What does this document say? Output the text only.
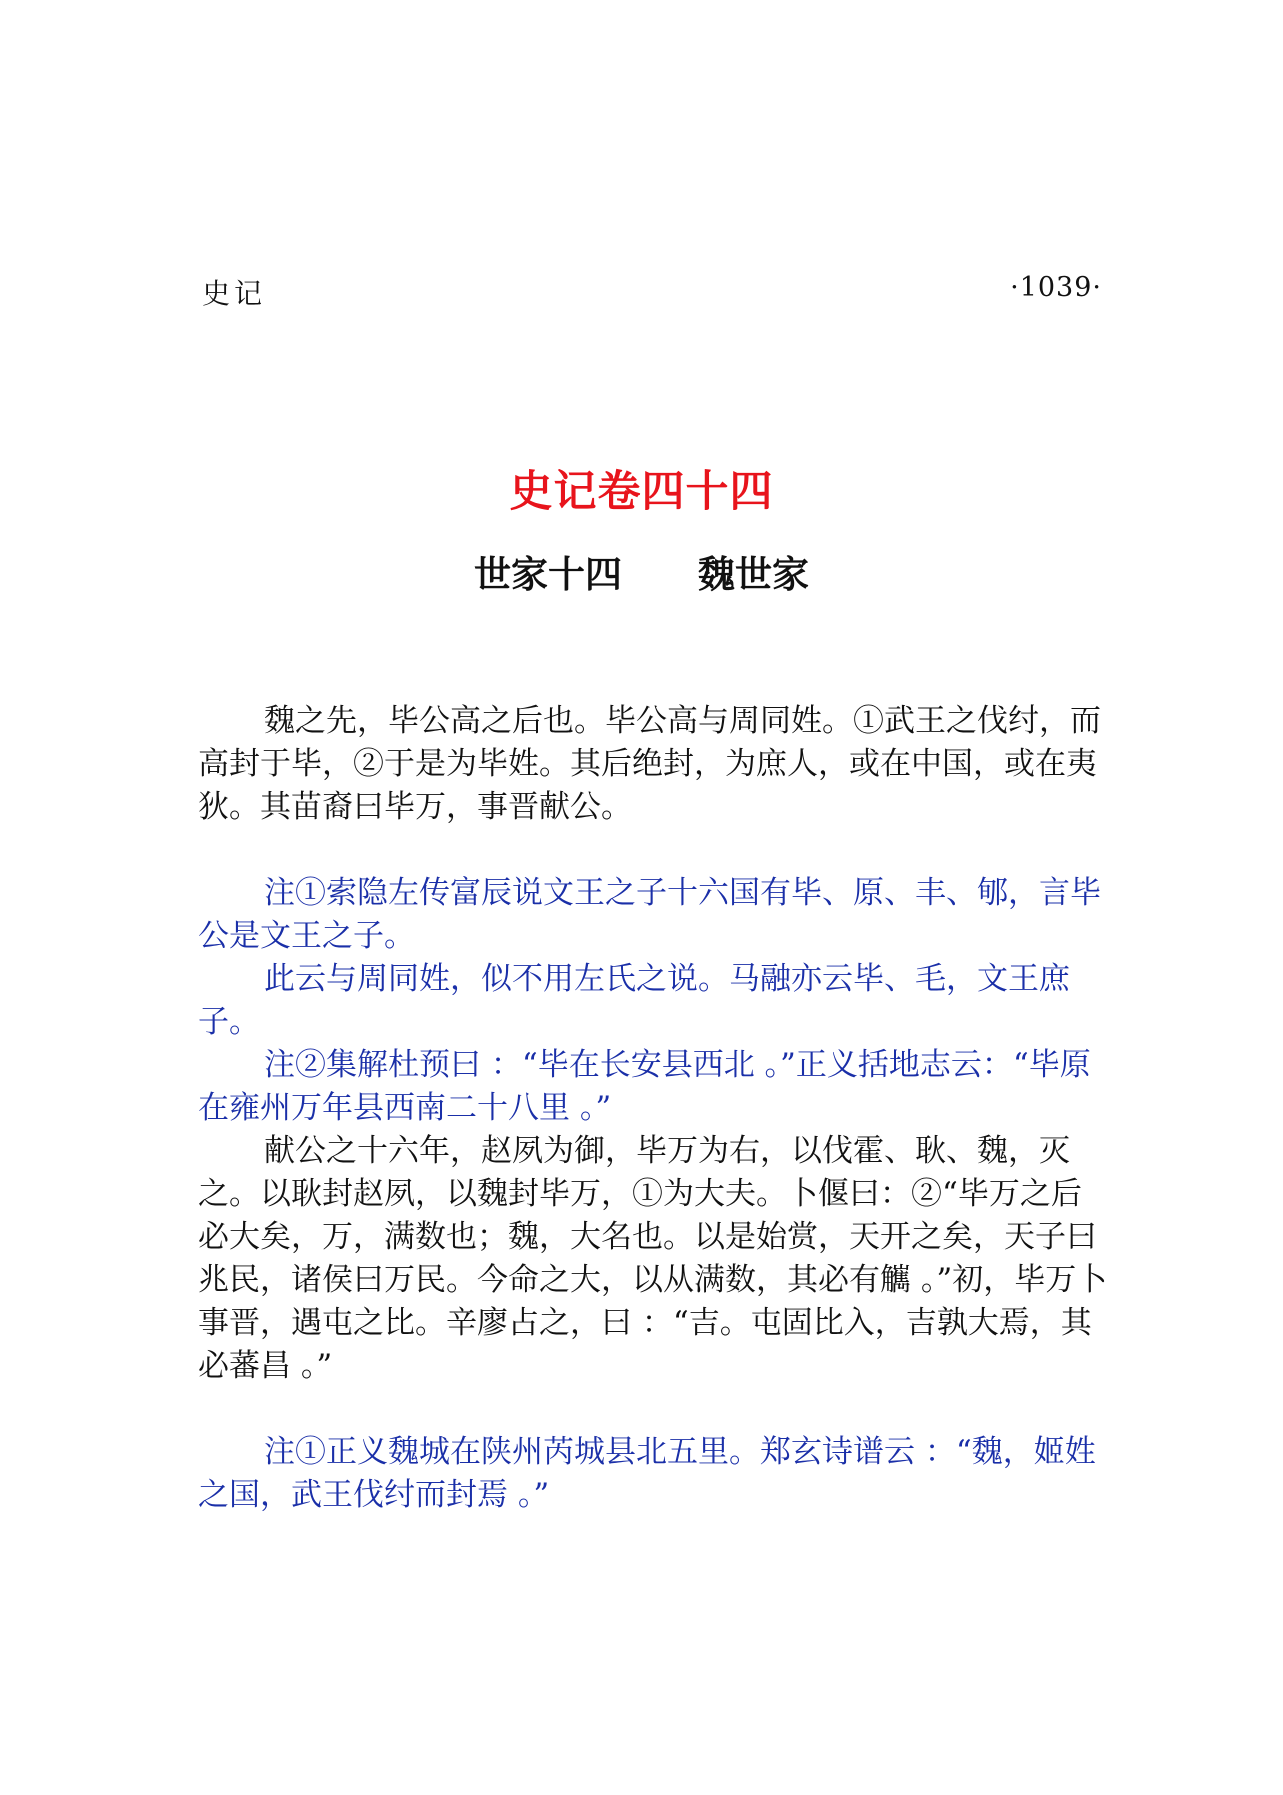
史记	·1039·
史记卷四十四
世家十四 魏世家

魏之先，毕公高之后也。毕公高与周同姓。①武王之伐纣，而高封于毕，②于是为毕姓。其后绝封，为庶人，或在中国，或在夷狄。其苗裔曰毕万，事晋献公。

注①索隐左传富辰说文王之子十六国有毕、原、丰、郇，言毕公是文王之子。

此云与周同姓，似不用左氏之说。马融亦云毕、毛，文王庶子。

注②集解杜预曰 ：“毕在长安县西北 。”正义括地志云：“毕原在雍州万年县西南二十八里 。”

献公之十六年，赵夙为御，毕万为右，以伐霍、耿、魏，灭之。以耿封赵夙，以魏封毕万，①为大夫。卜偃曰：②“毕万之后必大矣，万，满数也；魏，大名也。以是始赏，天开之矣，天子曰兆民，诸侯曰万民。今命之大，以从满数，其必有觽 。”初，毕万卜事晋，遇屯之比。辛廖占之，曰 ：“吉。屯固比入，吉孰大焉，其必蕃昌 。”

注①正义魏城在陕州芮城县北五里。郑玄诗谱云 ：“魏，姬姓之国，武王伐纣而封焉 。”
